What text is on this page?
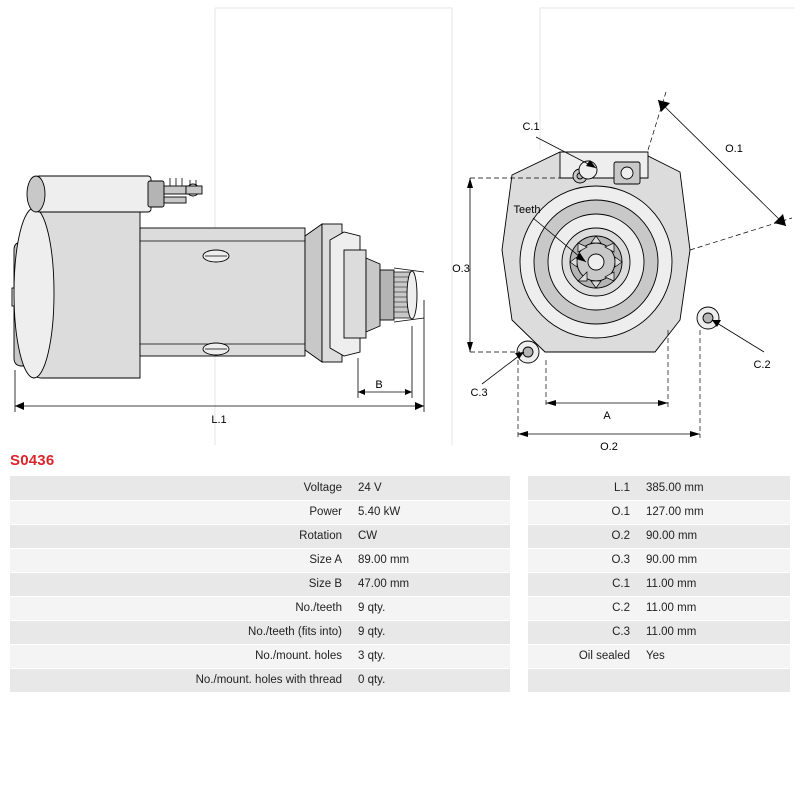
B
L.1
C.1
Teeth
C.3
C.2
O.1
O.3
A
O.2
S0436
Voltage	24 V
Power	5.40 kW
Rotation	CW
Size A	89.00 mm
Size B	47.00 mm
No./teeth	9 qty.
No./teeth (fits into)	9 qty.
No./mount. holes	3 qty.
No./mount. holes with thread	0 qty.
L.1	385.00 mm
O.1	127.00 mm
O.2	90.00 mm
O.3	90.00 mm
C.1	11.00 mm
C.2	11.00 mm
C.3	11.00 mm
Oil sealed	Yes
